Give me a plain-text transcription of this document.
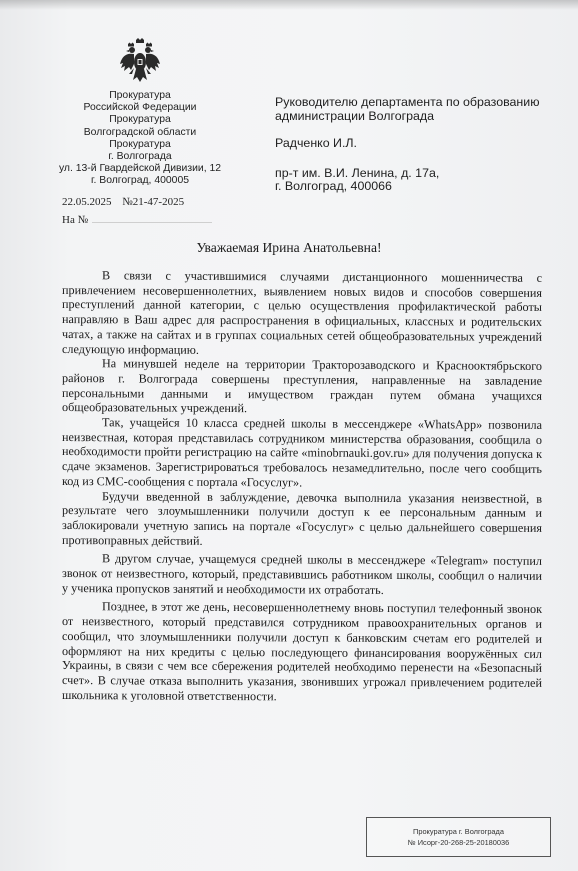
Прокуратура
Российской Федерации
Прокуратура
Волгоградской области
Прокуратура
г. Волгограда
ул. 13-й Гвардейской Дивизии, 12
г. Волгоград, 400005
22.05.2025 №21-47-2025
На №
Руководителю департамента по образованию
администрации Волгограда
Радченко И.Л.
пр-т им. В.И. Ленина, д. 17а,
г. Волгоград, 400066
Уважаемая Ирина Анатольевна!

В связи с участившимися случаями дистанционного мошенничества с привлечением несовершеннолетних, выявлением новых видов и способов совершения преступлений данной категории, с целью осуществления профилактической работы направляю в Ваш адрес для распространения в официальных, классных и родительских чатах, а также на сайтах и в группах социальных сетей общеобразовательных учреждений следующую информацию.

На минувшей неделе на территории Тракторозаводского и Краснооктябрьского районов г. Волгограда совершены преступления, направленные на завладение персональными данными и имуществом граждан путем обмана учащихся общеобразовательных учреждений.

Так, учащейся 10 класса средней школы в мессенджере «WhatsApp» позвонила неизвестная, которая представилась сотрудником министерства образования, сообщила о необходимости пройти регистрацию на сайте «minobrnauki.gov.ru» для получения допуска к сдаче экзаменов. Зарегистрироваться требовалось незамедлительно, после чего сообщить код из СМС-сообщения с портала «Госуслуг».

Будучи введенной в заблуждение, девочка выполнила указания неизвестной, в результате чего злоумышленники получили доступ к ее персональным данным и заблокировали учетную запись на портале «Госуслуг» с целью дальнейшего совершения противоправных действий.

В другом случае, учащемуся средней школы в мессенджере «Telegram» поступил звонок от неизвестного, который, представившись работником школы, сообщил о наличии у ученика пропусков занятий и необходимости их отработать.

Позднее, в этот же день, несовершеннолетнему вновь поступил телефонный звонок от неизвестного, который представился сотрудником правоохранительных органов и сообщил, что злоумышленники получили доступ к банковским счетам его родителей и оформляют на них кредиты с целью последующего финансирования вооружённых сил Украины, в связи с чем все сбережения родителей необходимо перенести на «Безопасный счет». В случае отказа выполнить указания, звонивших угрожал привлечением родителей школьника к уголовной ответственности.

Прокуратура г. Волгограда
№ Исорг-20-268-25-20180036
